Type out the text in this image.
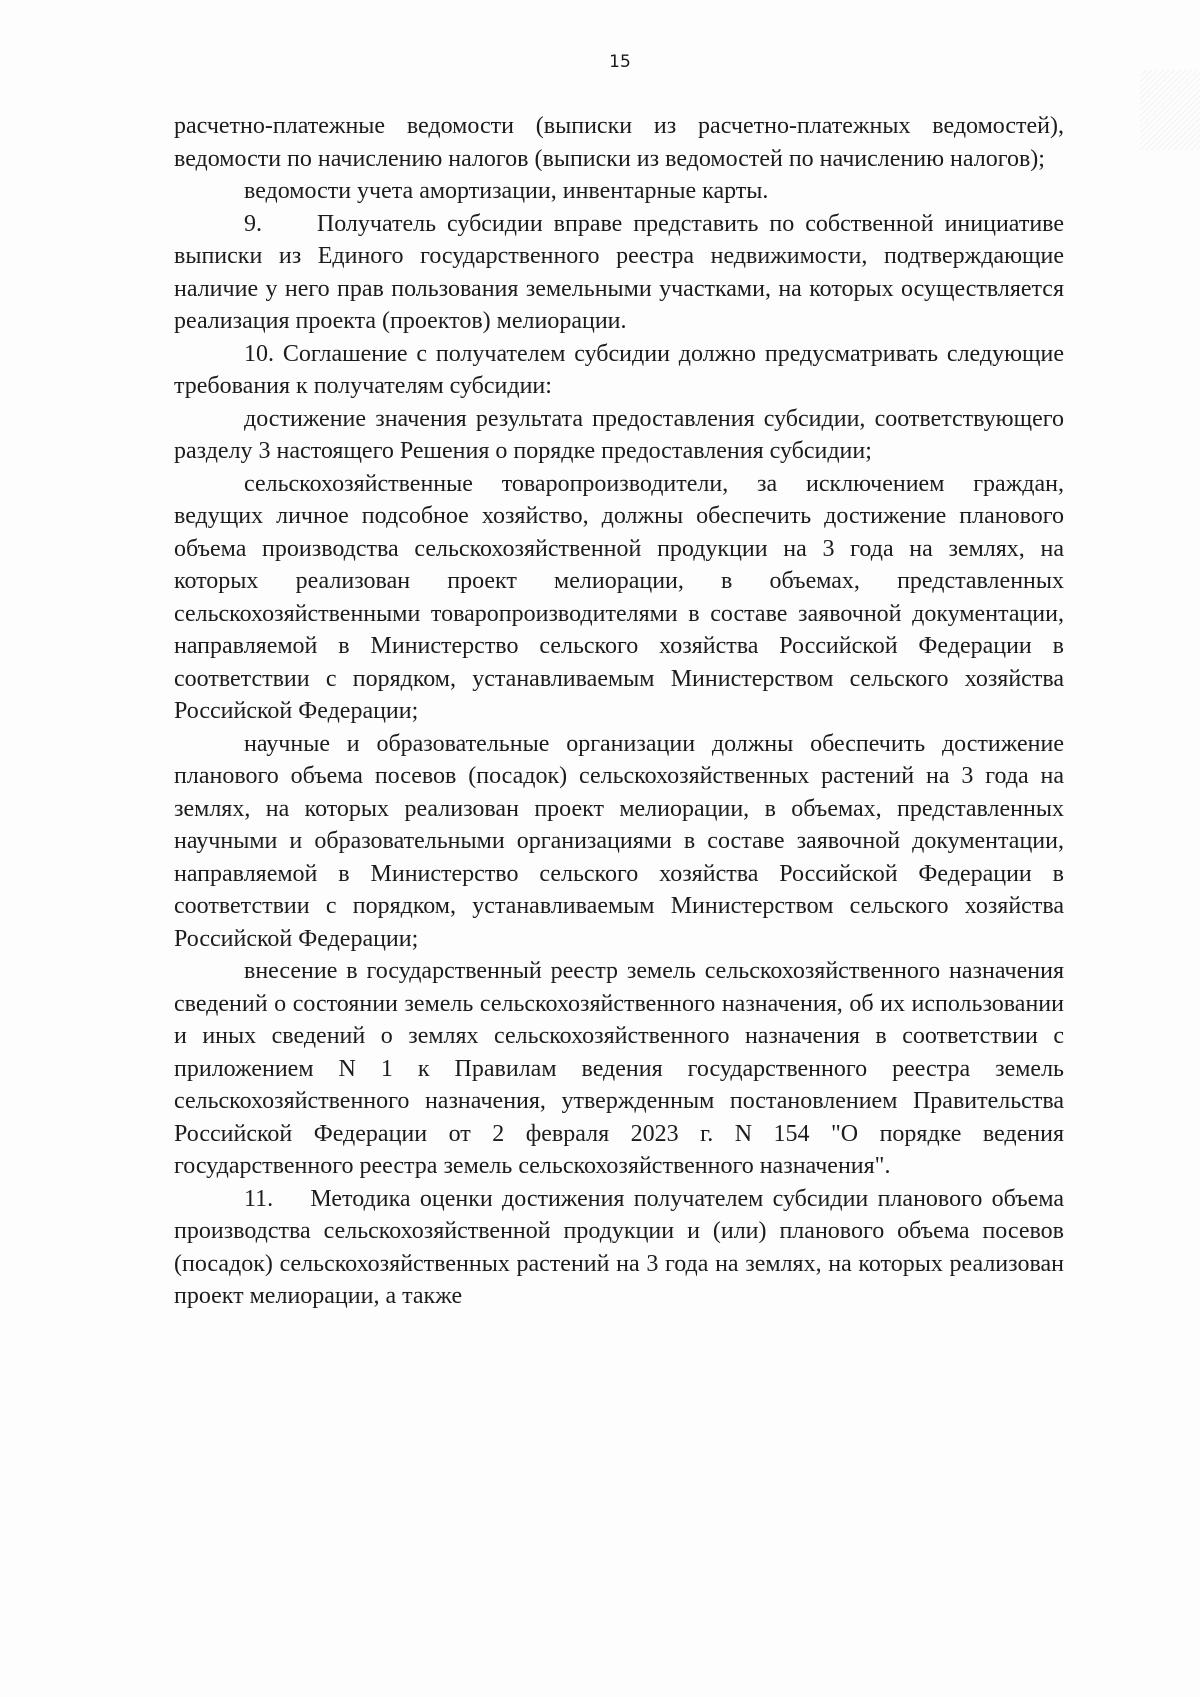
15

расчетно-платежные ведомости (выписки из расчетно-платежных ведомостей), ведомости по начислению налогов (выписки из ведомостей по начислению налогов);

ведомости учета амортизации, инвентарные карты.

9.     Получатель субсидии вправе представить по собственной инициативе выписки из Единого государственного реестра недвижимости, подтверждающие наличие у него прав пользования земельными участками, на которых осуществляется реализация проекта (проектов) мелиорации.

10. Соглашение с получателем субсидии должно предусматривать следующие требования к получателям субсидии:

достижение значения результата предоставления субсидии, соответствующего разделу 3 настоящего Решения о порядке предоставления субсидии;

сельскохозяйственные товаропроизводители, за исключением граждан, ведущих личное подсобное хозяйство, должны обеспечить достижение планового объема производства сельскохозяйственной продукции на 3 года на землях, на которых реализован проект мелиорации, в объемах, представленных сельскохозяйственными товаропроизводителями в составе заявочной документации, направляемой в Министерство сельского хозяйства Российской Федерации в соответствии с порядком, устанавливаемым Министерством сельского хозяйства Российской Федерации;

научные и образовательные организации должны обеспечить достижение планового объема посевов (посадок) сельскохозяйственных растений на 3 года на землях, на которых реализован проект мелиорации, в объемах, представленных научными и образовательными организациями в составе заявочной документации, направляемой в Министерство сельского хозяйства Российской Федерации в соответствии с порядком, устанавливаемым Министерством сельского хозяйства Российской Федерации;

внесение в государственный реестр земель сельскохозяйственного назначения сведений о состоянии земель сельскохозяйственного назначения, об их использовании и иных сведений о землях сельскохозяйственного назначения в соответствии с приложением N 1 к Правилам ведения государственного реестра земель сельскохозяйственного назначения, утвержденным постановлением Правительства Российской Федерации от 2 февраля 2023 г. N 154 "О порядке ведения государственного реестра земель сельскохозяйственного назначения".

11.    Методика оценки достижения получателем субсидии планового объема производства сельскохозяйственной продукции и (или) планового объема посевов (посадок) сельскохозяйственных растений на 3 года на землях, на которых реализован проект мелиорации, а также
